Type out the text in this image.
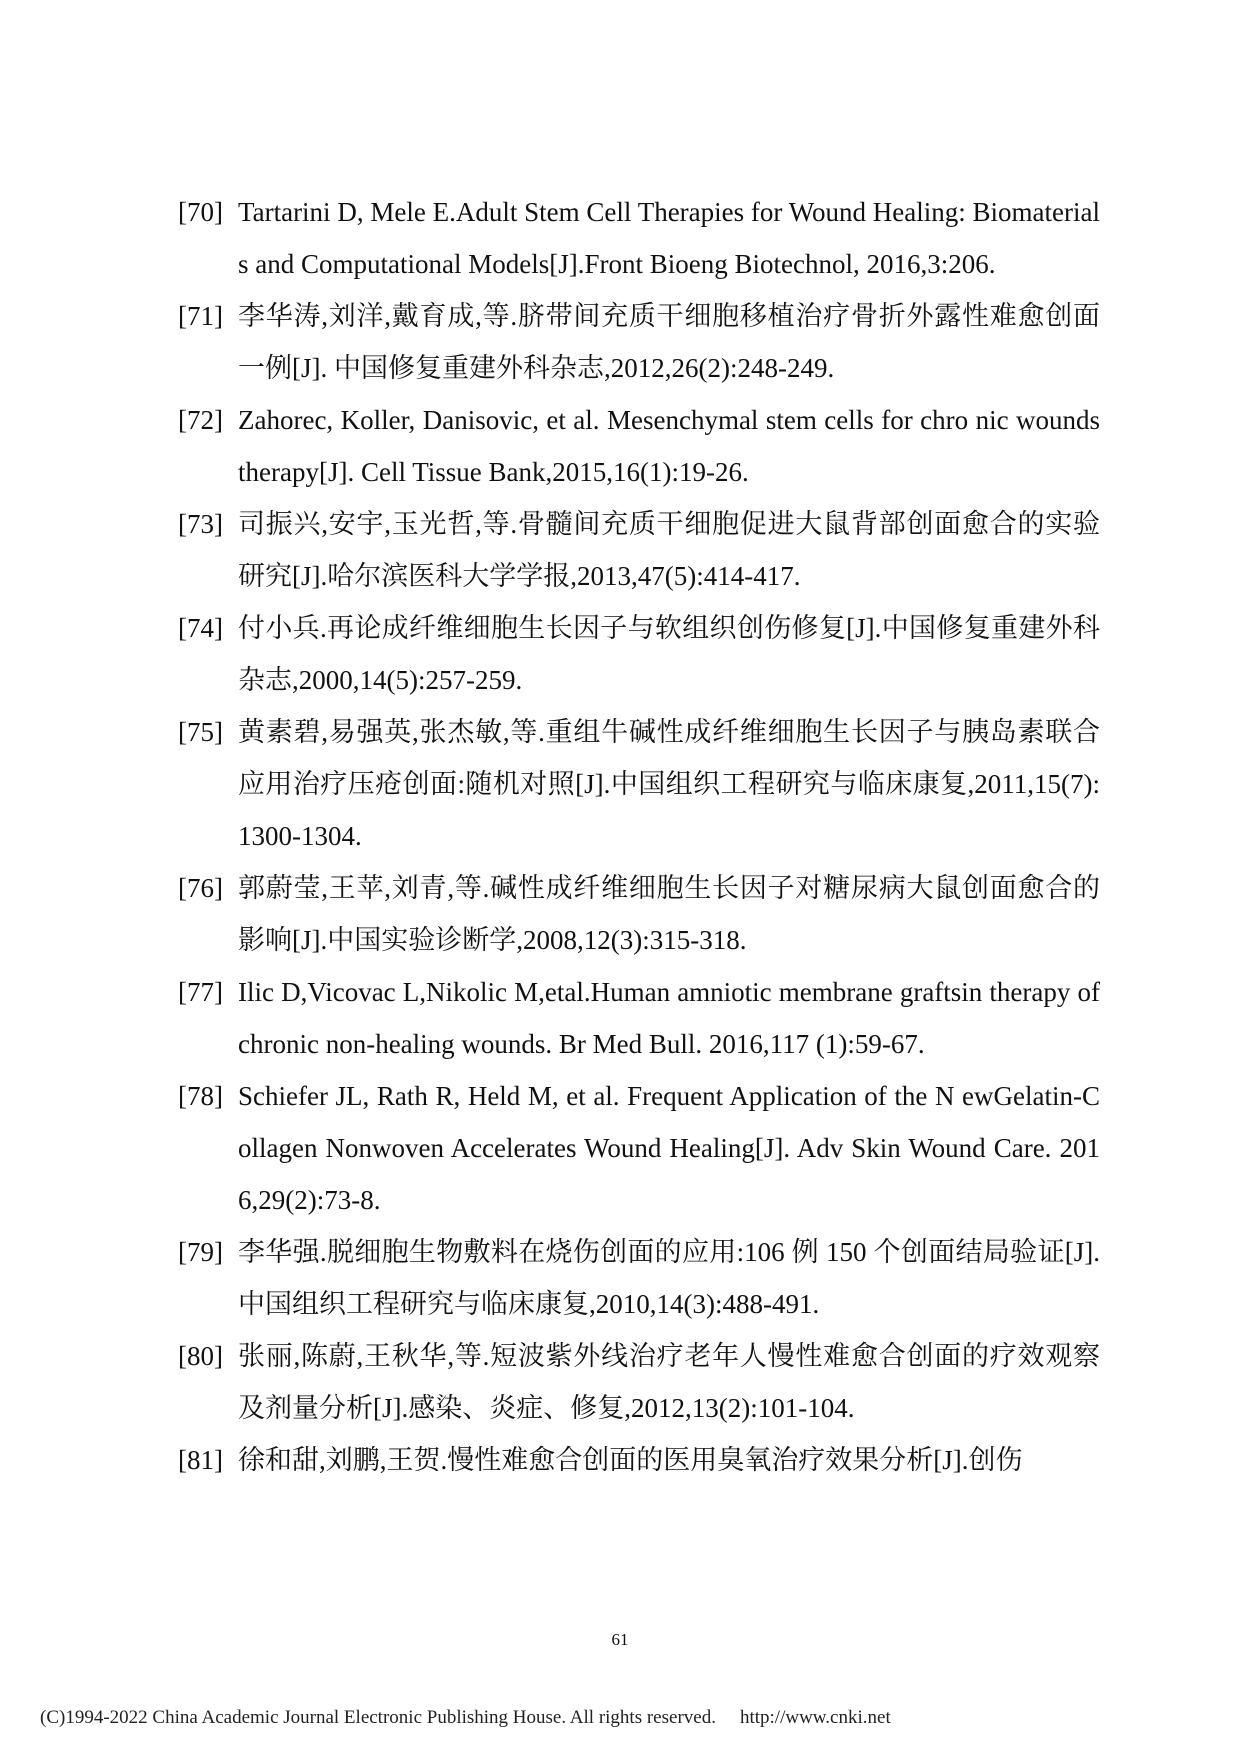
[70] Tartarini D, Mele E.Adult Stem Cell Therapies for Wound Healing: Biomaterials and Computational Models[J].Front Bioeng Biotechnol, 2016,3:206.
[71] 李华涛,刘洋,戴育成,等.脐带间充质干细胞移植治疗骨折外露性难愈创面一例[J]. 中国修复重建外科杂志,2012,26(2):248-249.
[72] Zahorec, Koller, Danisovic, et al. Mesenchymal stem cells for chro nic wounds therapy[J]. Cell Tissue Bank,2015,16(1):19-26.
[73] 司振兴,安宇,玉光哲,等.骨髓间充质干细胞促进大鼠背部创面愈合的实验研究[J].哈尔滨医科大学学报,2013,47(5):414-417.
[74] 付小兵.再论成纤维细胞生长因子与软组织创伤修复[J].中国修复重建外科杂志,2000,14(5):257-259.
[75] 黄素碧,易强英,张杰敏,等.重组牛碱性成纤维细胞生长因子与胰岛素联合应用治疗压疮创面:随机对照[J].中国组织工程研究与临床康复,2011,15(7):1300-1304.
[76] 郭蔚莹,王苹,刘青,等.碱性成纤维细胞生长因子对糖尿病大鼠创面愈合的影响[J].中国实验诊断学,2008,12(3):315-318.
[77] Ilic D,Vicovac L,Nikolic M,etal.Human amniotic membrane graftsin therapy of chronic non-healing wounds. Br Med Bull. 2016,117 (1):59-67.
[78] Schiefer JL, Rath R, Held M, et al. Frequent Application of the N ewGelatin-Collagen Nonwoven Accelerates Wound Healing[J]. Adv Skin Wound Care. 2016,29(2):73-8.
[79] 李华强.脱细胞生物敷料在烧伤创面的应用:106 例 150 个创面结局验证[J].中国组织工程研究与临床康复,2010,14(3):488-491.
[80] 张丽,陈蔚,王秋华,等.短波紫外线治疗老年人慢性难愈合创面的疗效观察及剂量分析[J].感染、炎症、修复,2012,13(2):101-104.
[81] 徐和甜,刘鹏,王贺.慢性难愈合创面的医用臭氧治疗效果分析[J].创伤
61
(C)1994-2022 China Academic Journal Electronic Publishing House. All rights reserved. http://www.cnki.net
